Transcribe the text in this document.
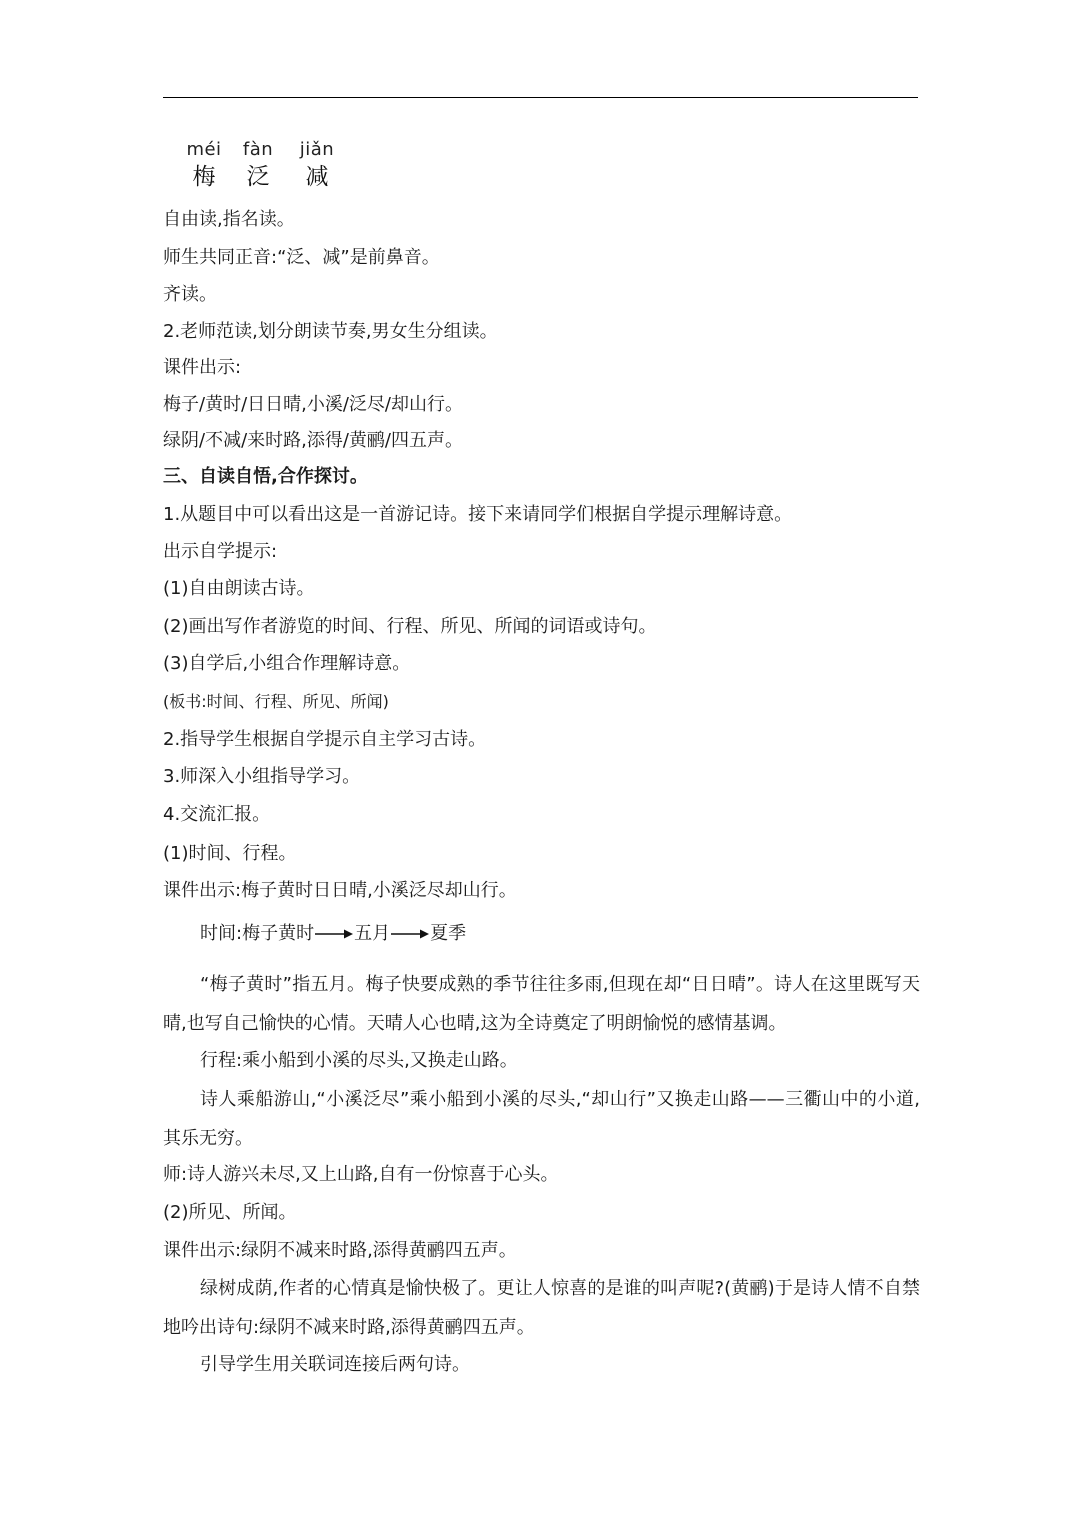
méi
梅
fàn
泛
jiǎn
减
自由读,指名读。
师生共同正音:“泛、减”是前鼻音。
齐读。
2.老师范读,划分朗读节奏,男女生分组读。
课件出示:
梅子/黄时/日日晴,小溪/泛尽/却山行。
绿阴/不减/来时路,添得/黄鹂/四五声。
三、自读自悟,合作探讨。
1.从题目中可以看出这是一首游记诗。接下来请同学们根据自学提示理解诗意。
出示自学提示:
(1)自由朗读古诗。
(2)画出写作者游览的时间、行程、所见、所闻的词语或诗句。
(3)自学后,小组合作理解诗意。
(板书:时间、行程、所见、所闻)
2.指导学生根据自学提示自主学习古诗。
3.师深入小组指导学习。
4.交流汇报。
(1)时间、行程。
课件出示:梅子黄时日日晴,小溪泛尽却山行。
时间:梅子黄时 五月 夏季
“梅子黄时”指五月。梅子快要成熟的季节往往多雨,但现在却“日日晴”。诗人在这里既写天晴,也写自己愉快的心情。天晴人心也晴,这为全诗奠定了明朗愉悦的感情基调。
行程:乘小船到小溪的尽头,又换走山路。
诗人乘船游山,“小溪泛尽”乘小船到小溪的尽头,“却山行”又换走山路——三衢山中的小道,其乐无穷。
师:诗人游兴未尽,又上山路,自有一份惊喜于心头。
(2)所见、所闻。
课件出示:绿阴不减来时路,添得黄鹂四五声。
绿树成荫,作者的心情真是愉快极了。更让人惊喜的是谁的叫声呢?(黄鹂)于是诗人情不自禁地吟出诗句:绿阴不减来时路,添得黄鹂四五声。
引导学生用关联词连接后两句诗。
